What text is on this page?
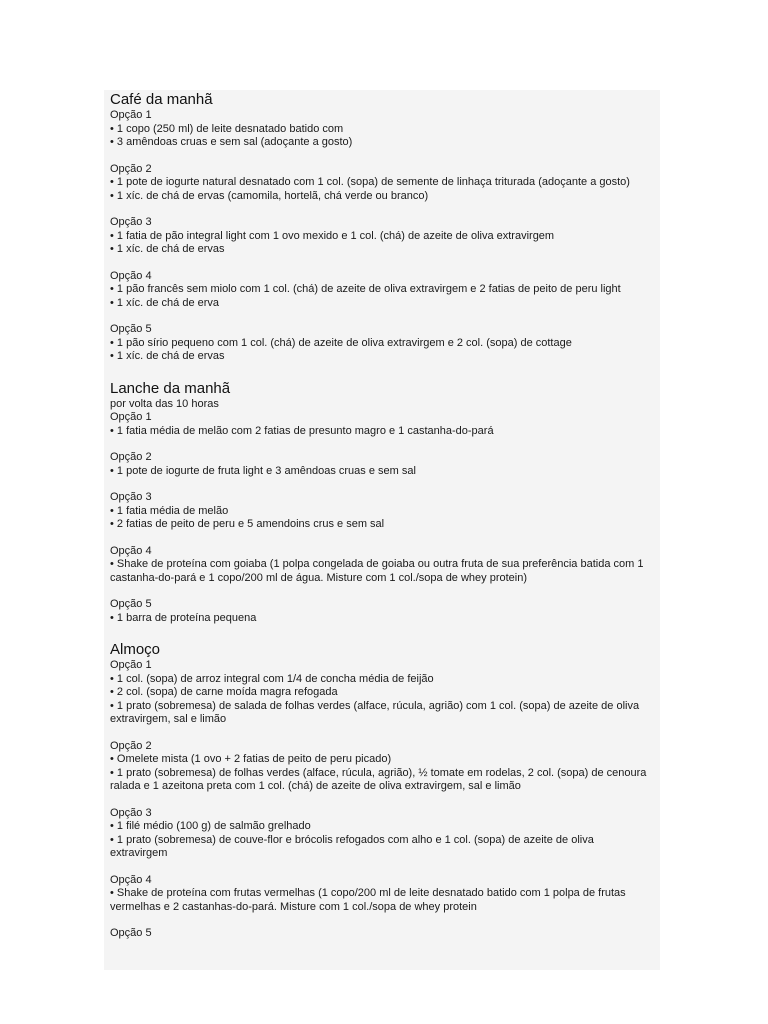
Café da manhã

Opção 1

• 1 copo (250 ml) de leite desnatado batido com

• 3 amêndoas cruas e sem sal (adoçante a gosto)

Opção 2

• 1 pote de iogurte natural desnatado com 1 col. (sopa) de semente de linhaça triturada (adoçante a gosto)

• 1 xíc. de chá de ervas (camomila, hortelã, chá verde ou branco)

Opção 3

• 1 fatia de pão integral light com 1 ovo mexido e 1 col. (chá) de azeite de oliva extravirgem

• 1 xíc. de chá de ervas

Opção 4

• 1 pão francês sem miolo com 1 col. (chá) de azeite de oliva extravirgem e 2 fatias de peito de peru light

• 1 xíc. de chá de erva

Opção 5

• 1 pão sírio pequeno com 1 col. (chá) de azeite de oliva extravirgem e 2 col. (sopa) de cottage

• 1 xíc. de chá de ervas

Lanche da manhã

por volta das 10 horas

Opção 1

• 1 fatia média de melão com 2 fatias de presunto magro e 1 castanha-do-pará

Opção 2

• 1 pote de iogurte de fruta light e 3 amêndoas cruas e sem sal

Opção 3

• 1 fatia média de melão

• 2 fatias de peito de peru e 5 amendoins crus e sem sal

Opção 4

• Shake de proteína com goiaba (1 polpa congelada de goiaba ou outra fruta de sua preferência batida com 1 castanha-do-pará e 1 copo/200 ml de água. Misture com 1 col./sopa de whey protein)

Opção 5

• 1 barra de proteína pequena

Almoço

Opção 1

• 1 col. (sopa) de arroz integral com 1/4 de concha média de feijão

• 2 col. (sopa) de carne moída magra refogada

• 1 prato (sobremesa) de salada de folhas verdes (alface, rúcula, agrião) com 1 col. (sopa) de azeite de oliva extravirgem, sal e limão

Opção 2

• Omelete mista (1 ovo + 2 fatias de peito de peru picado)

• 1 prato (sobremesa) de folhas verdes (alface, rúcula, agrião), ½ tomate em rodelas, 2 col. (sopa) de cenoura ralada e 1 azeitona preta com 1 col. (chá) de azeite de oliva extravirgem, sal e limão

Opção 3

• 1 filé médio (100 g) de salmão grelhado

• 1 prato (sobremesa) de couve-flor e brócolis refogados com alho e 1 col. (sopa) de azeite de oliva extravirgem

Opção 4

• Shake de proteína com frutas vermelhas (1 copo/200 ml de leite desnatado batido com 1 polpa de frutas vermelhas e 2 castanhas-do-pará. Misture com 1 col./sopa de whey protein

Opção 5
